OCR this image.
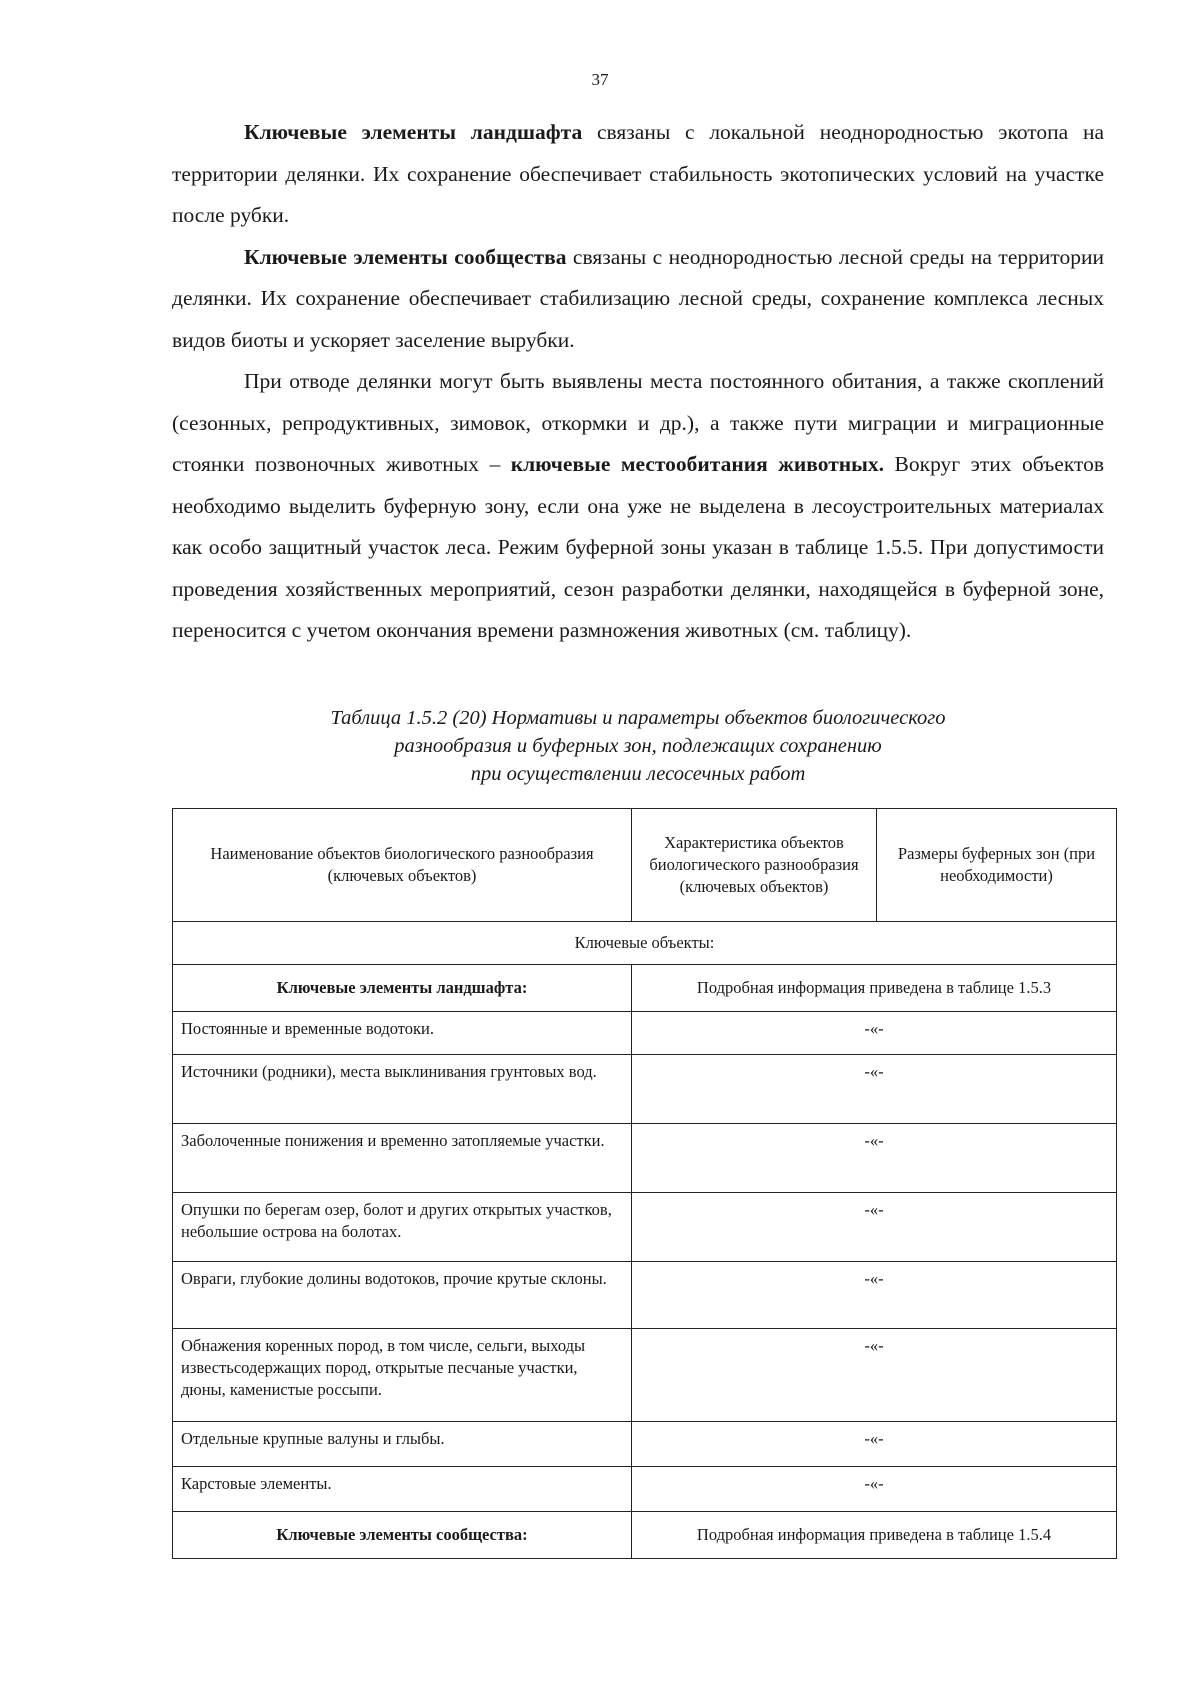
37

Ключевые элементы ландшафта связаны с локальной неоднородностью экотопа на территории делянки. Их сохранение обеспечивает стабильность экотопических условий на участке после рубки.

Ключевые элементы сообщества связаны с неоднородностью лесной среды на территории делянки. Их сохранение обеспечивает стабилизацию лесной среды, сохранение комплекса лесных видов биоты и ускоряет заселение вырубки.

При отводе делянки могут быть выявлены места постоянного обитания, а также скоплений (сезонных, репродуктивных, зимовок, откормки и др.), а также пути миграции и миграционные стоянки позвоночных животных – ключевые местообитания животных. Вокруг этих объектов необходимо выделить буферную зону, если она уже не выделена в лесоустроительных материалах как особо защитный участок леса. Режим буферной зоны указан в таблице 1.5.5. При допустимости проведения хозяйственных мероприятий, сезон разработки делянки, находящейся в буферной зоне, переносится с учетом окончания времени размножения животных (см. таблицу).

Таблица 1.5.2 (20) Нормативы и параметры объектов биологического
разнообразия и буферных зон, подлежащих сохранению
при осуществлении лесосечных работ
Наименование объектов биологического разнообразия (ключевых объектов)	Характеристика объектов биологического разнообразия (ключевых объектов)	Размеры буферных зон (при необходимости)
Ключевые объекты:		
Ключевые элементы ландшафта:	Подробная информация приведена в таблице 1.5.3	
Постоянные и временные водотоки.	-«-	
Источники (родники), места выклинивания грунтовых вод.	-«-	
Заболоченные понижения и временно затопляемые участки.	-«-	
Опушки по берегам озер, болот и других открытых участков, небольшие острова на болотах.	-«-	
Овраги, глубокие долины водотоков, прочие крутые склоны.	-«-	
Обнажения коренных пород, в том числе, сельги, выходы известьсодержащих пород, открытые песчаные участки, дюны, каменистые россыпи.	-«-	
Отдельные крупные валуны и глыбы.	-«-	
Карстовые элементы.	-«-	
Ключевые элементы сообщества:	Подробная информация приведена в таблице 1.5.4	
